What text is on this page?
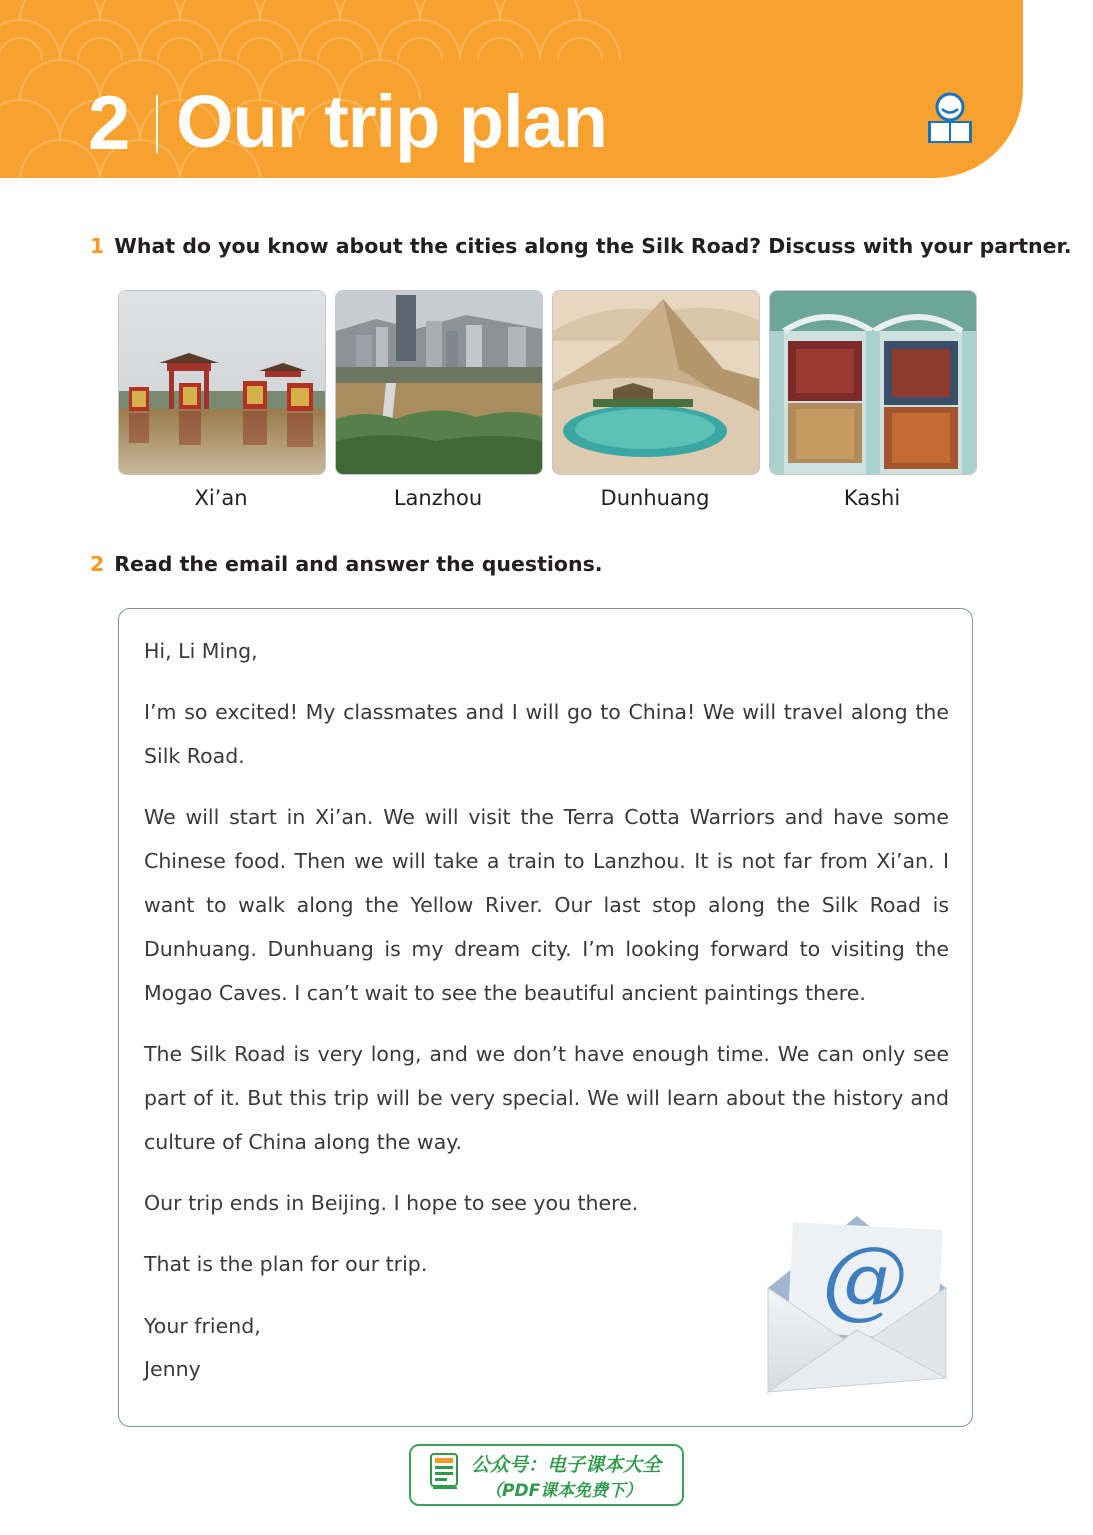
2 Our trip plan
1 What do you know about the cities along the Silk Road? Discuss with your partner.
Xi’an	Lanzhou	Dunhuang	Kashi
2 Read the email and answer the questions.
Hi, Li Ming,
I’m so excited! My classmates and I will go to China! We will travel along the Silk Road.
We will start in Xi’an. We will visit the Terra Cotta Warriors and have some Chinese food. Then we will take a train to Lanzhou. It is not far from Xi’an. I want to walk along the Yellow River. Our last stop along the Silk Road is Dunhuang. Dunhuang is my dream city. I’m looking forward to visiting the Mogao Caves. I can’t wait to see the beautiful ancient paintings there.
The Silk Road is very long, and we don’t have enough time. We can only see part of it. But this trip will be very special. We will learn about the history and culture of China along the way.
Our trip ends in Beijing. I hope to see you there.
That is the plan for our trip.
Your friend,
Jenny
@
公众号：电子课本大全
（PDF课本免费下）
